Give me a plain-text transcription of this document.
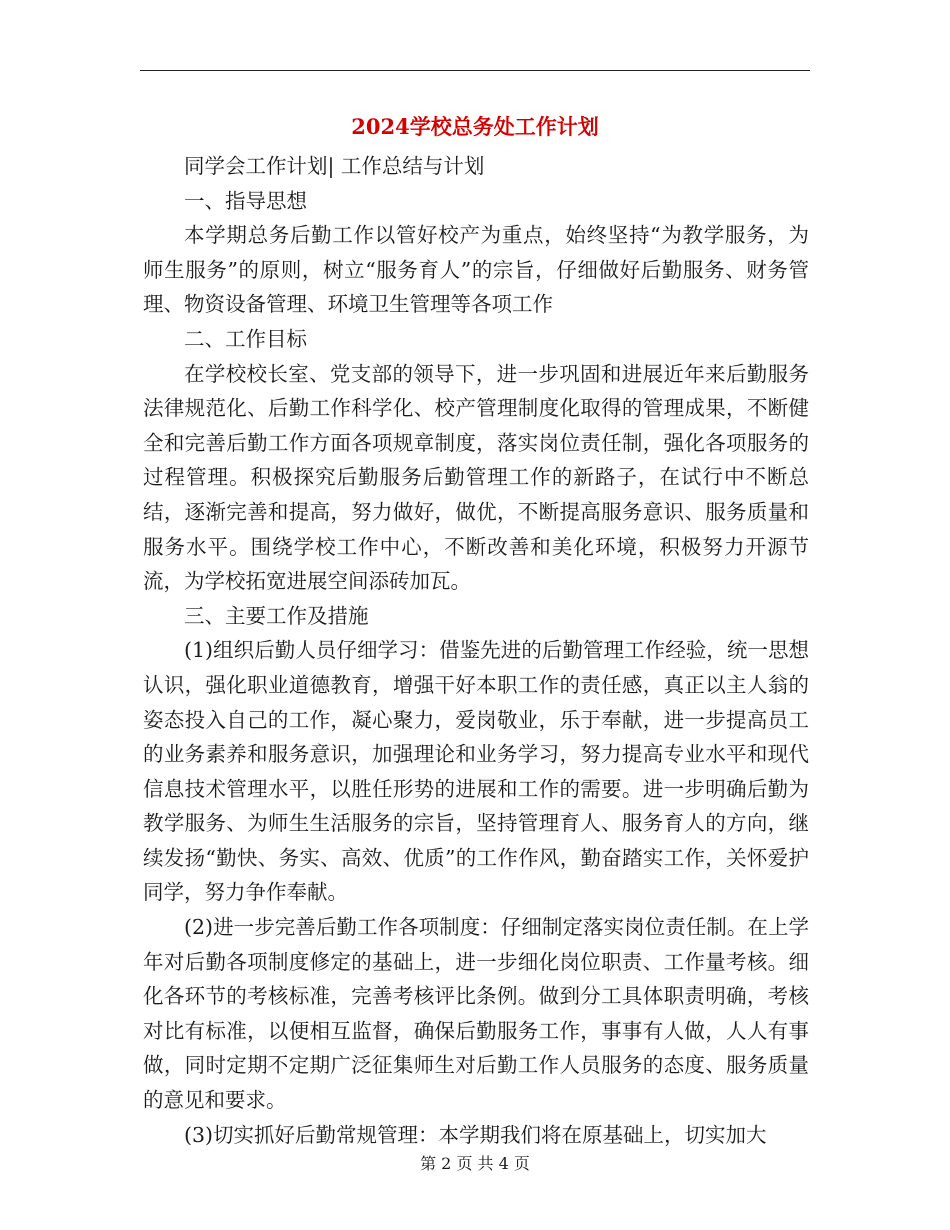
2024学校总务处工作计划

同学会工作计划| 工作总结与计划

一、指导思想

本学期总务后勤工作以管好校产为重点，始终坚持“为教学服务，为师生服务”的原则，树立“服务育人”的宗旨，仔细做好后勤服务、财务管理、物资设备管理、环境卫生管理等各项工作

二、工作目标

在学校校长室、党支部的领导下，进一步巩固和进展近年来后勤服务法律规范化、后勤工作科学化、校产管理制度化取得的管理成果，不断健全和完善后勤工作方面各项规章制度，落实岗位责任制，强化各项服务的过程管理。积极探究后勤服务后勤管理工作的新路子，在试行中不断总结，逐渐完善和提高，努力做好，做优，不断提高服务意识、服务质量和服务水平。围绕学校工作中心，不断改善和美化环境，积极努力开源节流，为学校拓宽进展空间添砖加瓦。

三、主要工作及措施

(1)组织后勤人员仔细学习：借鉴先进的后勤管理工作经验，统一思想认识，强化职业道德教育，增强干好本职工作的责任感，真正以主人翁的姿态投入自己的工作，凝心聚力，爱岗敬业，乐于奉献，进一步提高员工的业务素养和服务意识，加强理论和业务学习，努力提高专业水平和现代信息技术管理水平，以胜任形势的进展和工作的需要。进一步明确后勤为教学服务、为师生生活服务的宗旨，坚持管理育人、服务育人的方向，继续发扬“勤快、务实、高效、优质”的工作作风，勤奋踏实工作，关怀爱护同学，努力争作奉献。

(2)进一步完善后勤工作各项制度：仔细制定落实岗位责任制。在上学年对后勤各项制度修定的基础上，进一步细化岗位职责、工作量考核。细化各环节的考核标准，完善考核评比条例。做到分工具体职责明确，考核对比有标准，以便相互监督，确保后勤服务工作，事事有人做，人人有事做，同时定期不定期广泛征集师生对后勤工作人员服务的态度、服务质量的意见和要求。

(3)切实抓好后勤常规管理：本学期我们将在原基础上，切实加大

第 2 页 共 4 页
